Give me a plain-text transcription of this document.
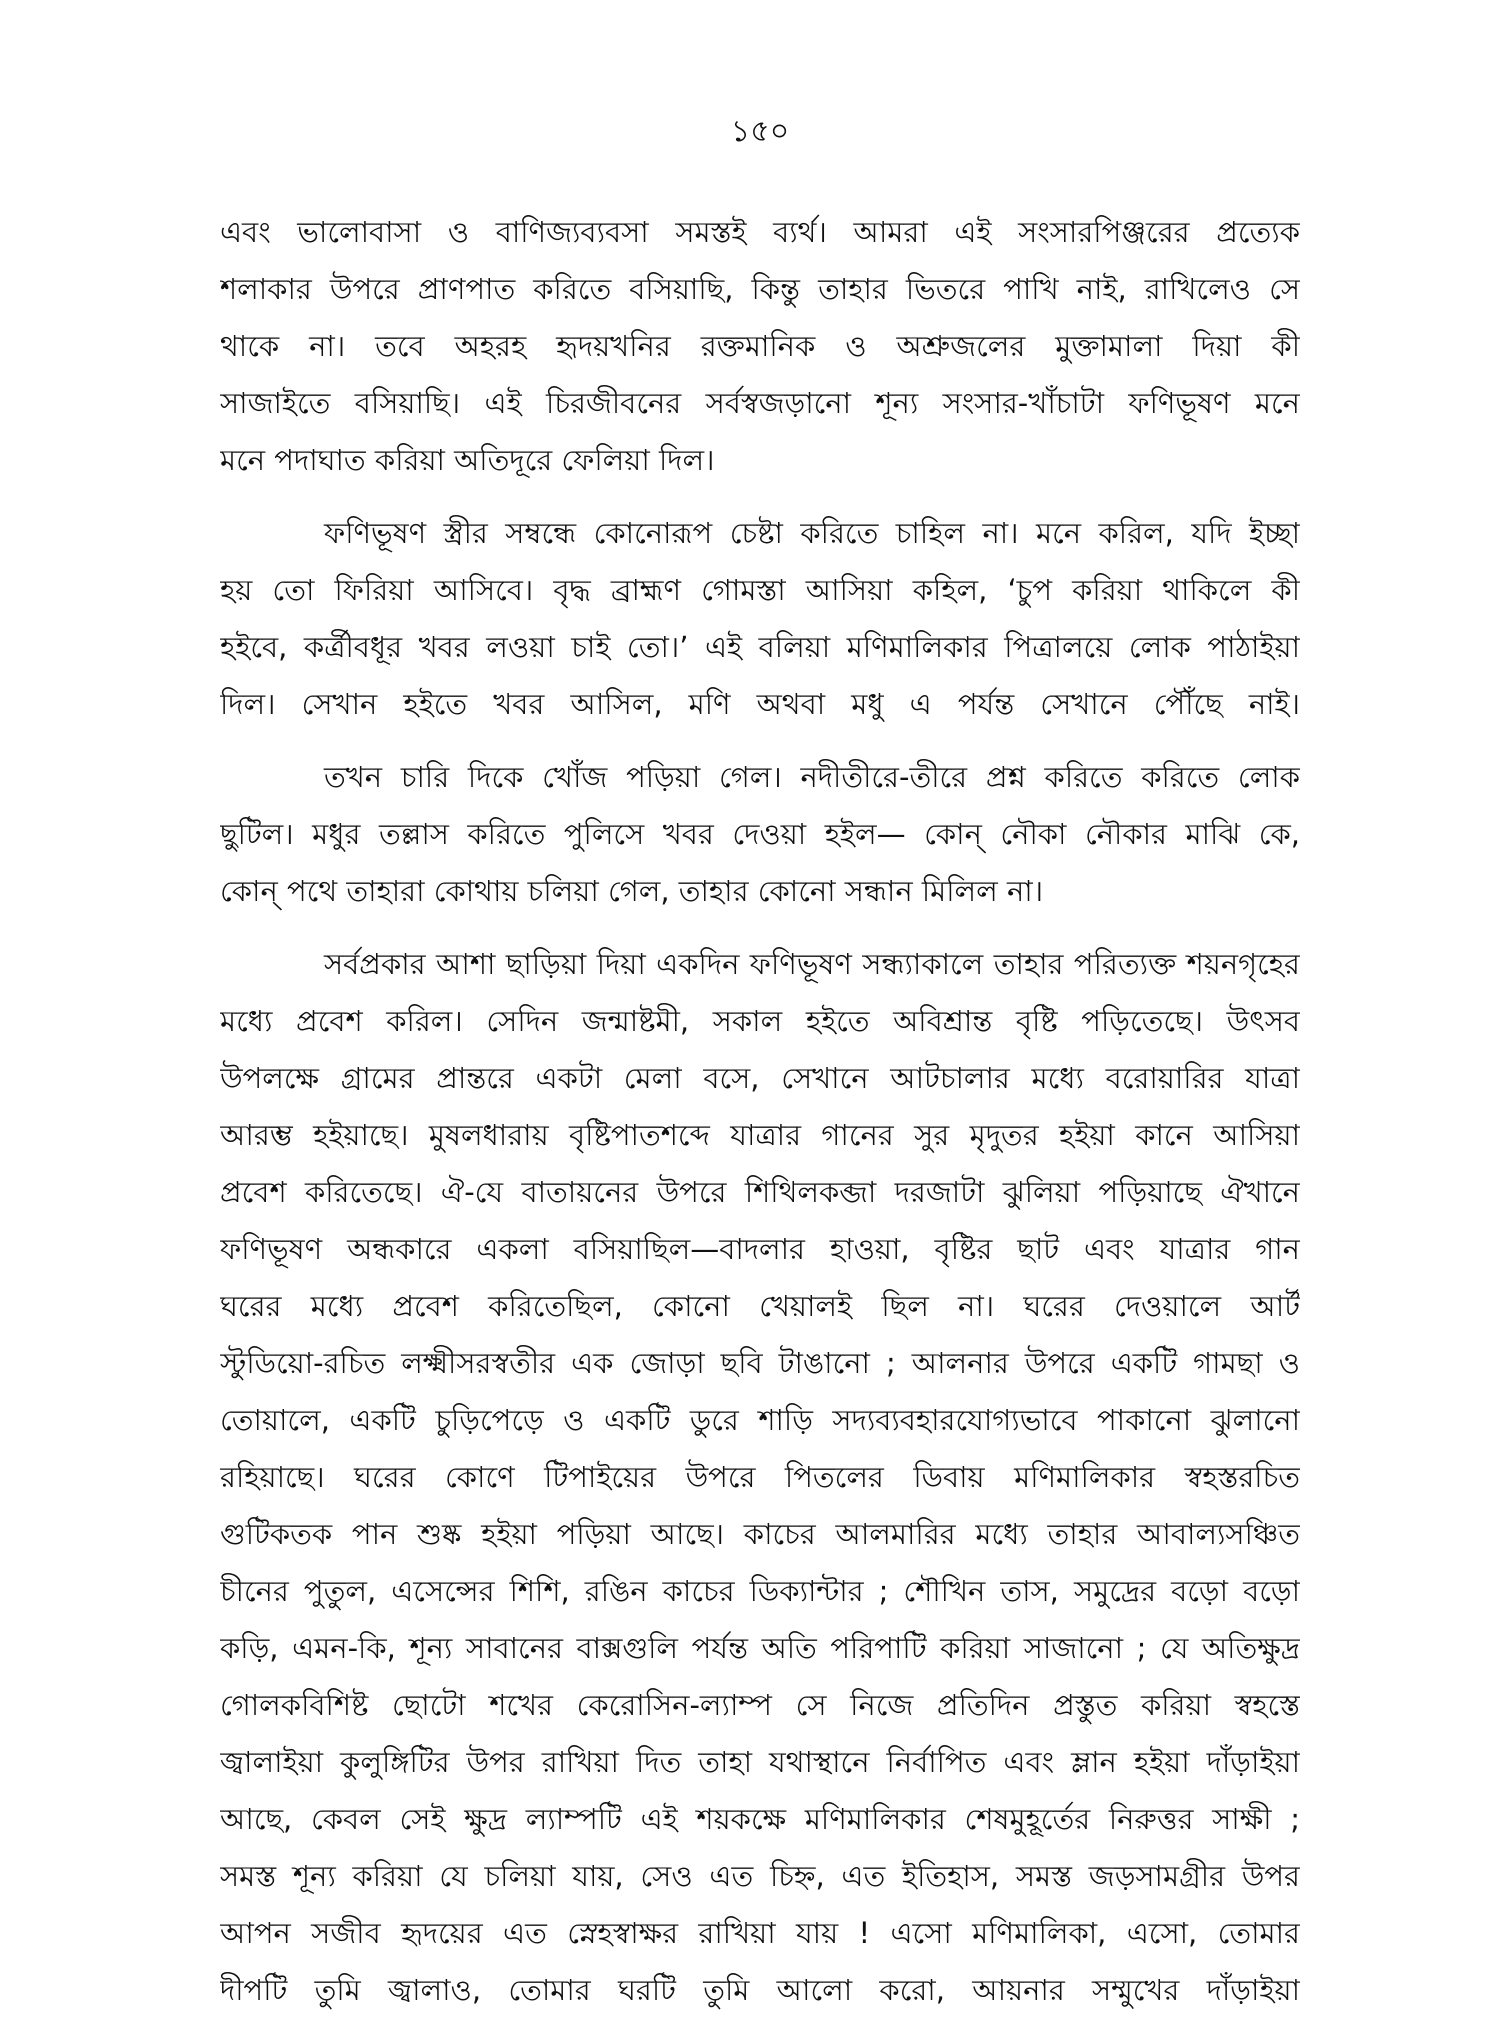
১৫০
এবং ভালোবাসা ও বাণিজ্যব্যবসা সমস্তই ব্যর্থ। আমরা এই সংসারপিঞ্জরের প্রত্যেক
শলাকার উপরে প্রাণপাত করিতে বসিয়াছি, কিন্তু তাহার ভিতরে পাখি নাই, রাখিলেও সে
থাকে না। তবে অহরহ হৃদয়খনির রক্তমানিক ও অশ্রুজলের মুক্তামালা দিয়া কী
সাজাইতে বসিয়াছি। এই চিরজীবনের সর্বস্বজড়ানো শূন্য সংসার-খাঁচাটা ফণিভূষণ মনে
মনে পদাঘাত করিয়া অতিদূরে ফেলিয়া দিল।
ফণিভূষণ স্ত্রীর সম্বন্ধে কোনোরূপ চেষ্টা করিতে চাহিল না। মনে করিল, যদি ইচ্ছা
হয় তো ফিরিয়া আসিবে। বৃদ্ধ ব্রাহ্মণ গোমস্তা আসিয়া কহিল, ‘চুপ করিয়া থাকিলে কী
হইবে, কর্ত্রীবধূর খবর লওয়া চাই তো।’ এই বলিয়া মণিমালিকার পিত্রালয়ে লোক পাঠাইয়া
দিল। সেখান হইতে খবর আসিল, মণি অথবা মধু এ পর্যন্ত সেখানে পৌঁছে নাই।
তখন চারি দিকে খোঁজ পড়িয়া গেল। নদীতীরে-তীরে প্রশ্ন করিতে করিতে লোক
ছুটিল। মধুর তল্লাস করিতে পুলিসে খবর দেওয়া হইল— কোন্ নৌকা নৌকার মাঝি কে,
কোন্ পথে তাহারা কোথায় চলিয়া গেল, তাহার কোনো সন্ধান মিলিল না।
সর্বপ্রকার আশা ছাড়িয়া দিয়া একদিন ফণিভূষণ সন্ধ্যাকালে তাহার পরিত্যক্ত শয়নগৃহের
মধ্যে প্রবেশ করিল। সেদিন জন্মাষ্টমী, সকাল হইতে অবিশ্রান্ত বৃষ্টি পড়িতেছে। উৎসব
উপলক্ষে গ্রামের প্রান্তরে একটা মেলা বসে, সেখানে আটচালার মধ্যে বরোয়ারির যাত্রা
আরম্ভ হইয়াছে। মুষলধারায় বৃষ্টিপাতশব্দে যাত্রার গানের সুর মৃদুতর হইয়া কানে আসিয়া
প্রবেশ করিতেছে। ঐ-যে বাতায়নের উপরে শিথিলকব্জা দরজাটা ঝুলিয়া পড়িয়াছে ঐখানে
ফণিভূষণ অন্ধকারে একলা বসিয়াছিল—বাদলার হাওয়া, বৃষ্টির ছাট এবং যাত্রার গান
ঘরের মধ্যে প্রবেশ করিতেছিল, কোনো খেয়ালই ছিল না। ঘরের দেওয়ালে আর্ট
স্টুডিয়ো-রচিত লক্ষ্মীসরস্বতীর এক জোড়া ছবি টাঙানো ; আলনার উপরে একটি গামছা ও
তোয়ালে, একটি চুড়িপেড়ে ও একটি ডুরে শাড়ি সদ্যব্যবহারযোগ্যভাবে পাকানো ঝুলানো
রহিয়াছে। ঘরের কোণে টিপাইয়ের উপরে পিতলের ডিবায় মণিমালিকার স্বহস্তরচিত
গুটিকতক পান শুষ্ক হইয়া পড়িয়া আছে। কাচের আলমারির মধ্যে তাহার আবাল্যসঞ্চিত
চীনের পুতুল, এসেন্সের শিশি, রঙিন কাচের ডিক্যান্টার ; শৌখিন তাস, সমুদ্রের বড়ো বড়ো
কড়ি, এমন-কি, শূন্য সাবানের বাক্সগুলি পর্যন্ত অতি পরিপাটি করিয়া সাজানো ; যে অতিক্ষুদ্র
গোলকবিশিষ্ট ছোটো শখের কেরোসিন-ল্যাম্প সে নিজে প্রতিদিন প্রস্তুত করিয়া স্বহস্তে
জ্বালাইয়া কুলুঙ্গিটির উপর রাখিয়া দিত তাহা যথাস্থানে নির্বাপিত এবং ম্লান হইয়া দাঁড়াইয়া
আছে, কেবল সেই ক্ষুদ্র ল্যাম্পটি এই শয়কক্ষে মণিমালিকার শেষমুহূর্তের নিরুত্তর সাক্ষী ;
সমস্ত শূন্য করিয়া যে চলিয়া যায়, সেও এত চিহ্ন, এত ইতিহাস, সমস্ত জড়সামগ্রীর উপর
আপন সজীব হৃদয়ের এত স্নেহস্বাক্ষর রাখিয়া যায় ! এসো মণিমালিকা, এসো, তোমার
দীপটি তুমি জ্বালাও, তোমার ঘরটি তুমি আলো করো, আয়নার সম্মুখের দাঁড়াইয়া
